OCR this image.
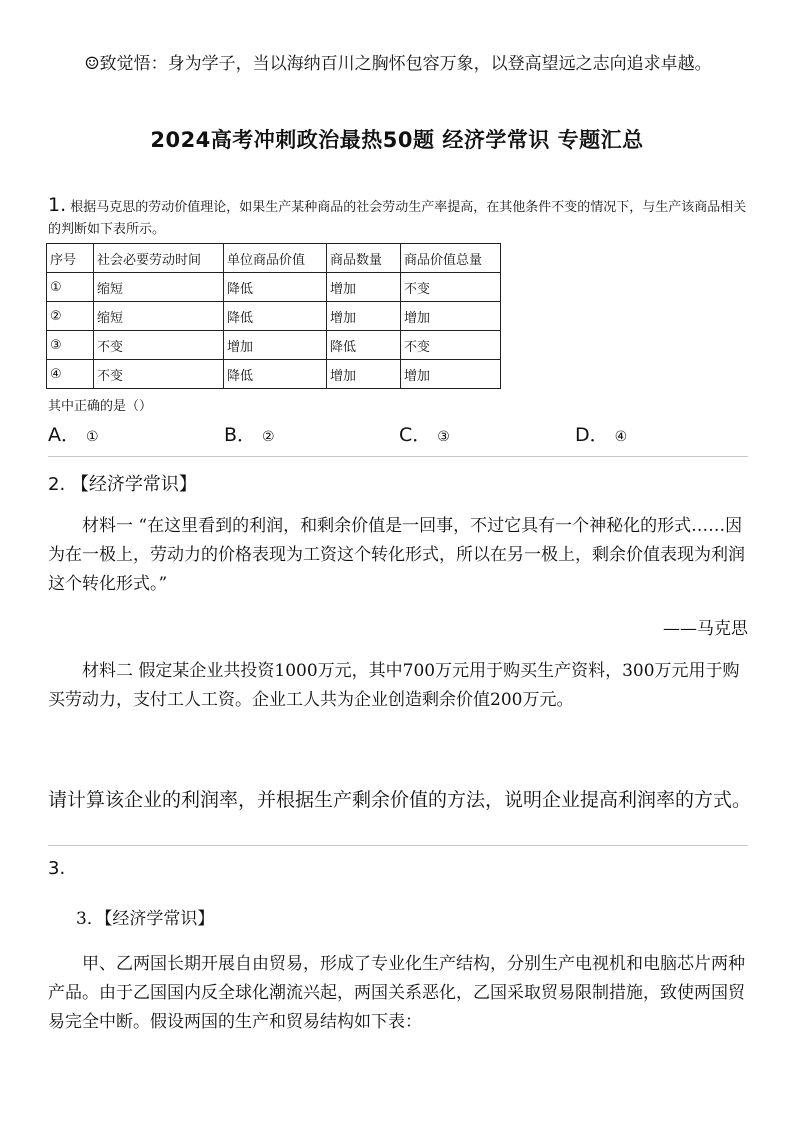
☺致觉悟：身为学子，当以海纳百川之胸怀包容万象，以登高望远之志向追求卓越。
2024高考冲刺政治最热50题 经济学常识 专题汇总
1. 根据马克思的劳动价值理论，如果生产某种商品的社会劳动生产率提高，在其他条件不变的情况下，与生产该商品相关的判断如下表所示。
序号	社会必要劳动时间	单位商品价值	商品数量	商品价值总量
①	缩短	降低	增加	不变
②	缩短	降低	增加	增加
③	不变	增加	降低	不变
④	不变	降低	增加	增加
其中正确的是（）
A． ①	B． ②	C． ③	D． ④
2. 【经济学常识】
材料一 “在这里看到的利润，和剩余价值是一回事，不过它具有一个神秘化的形式……因为在一极上，劳动力的价格表现为工资这个转化形式，所以在另一极上，剩余价值表现为利润这个转化形式。”
——马克思
材料二 假定某企业共投资1000万元，其中700万元用于购买生产资料，300万元用于购买劳动力，支付工人工资。企业工人共为企业创造剩余价值200万元。
请计算该企业的利润率，并根据生产剩余价值的方法，说明企业提高利润率的方式。
3.
3．【经济学常识】
甲、乙两国长期开展自由贸易，形成了专业化生产结构，分别生产电视机和电脑芯片两种产品。由于乙国国内反全球化潮流兴起，两国关系恶化，乙国采取贸易限制措施，致使两国贸易完全中断。假设两国的生产和贸易结构如下表：
